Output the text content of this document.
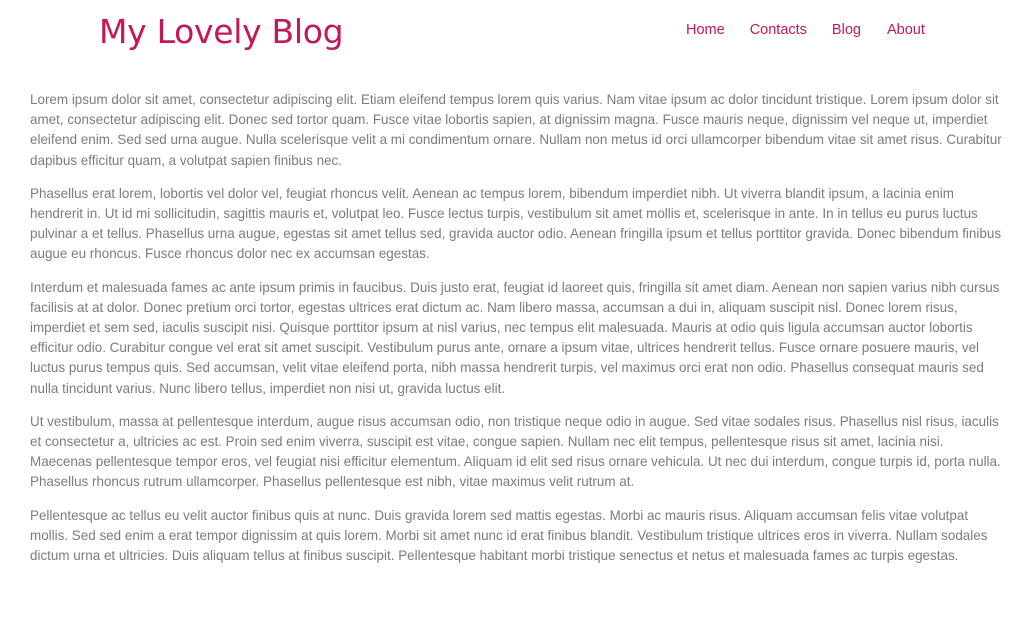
My Lovely Blog	Home Contacts Blog About

Lorem ipsum dolor sit amet, consectetur adipiscing elit. Etiam eleifend tempus lorem quis varius. Nam vitae ipsum ac dolor tincidunt tristique. Lorem ipsum dolor sit amet, consectetur adipiscing elit. Donec sed tortor quam. Fusce vitae lobortis sapien, at dignissim magna. Fusce mauris neque, dignissim vel neque ut, imperdiet eleifend enim. Sed sed urna augue. Nulla scelerisque velit a mi condimentum ornare. Nullam non metus id orci ullamcorper bibendum vitae sit amet risus. Curabitur dapibus efficitur quam, a volutpat sapien finibus nec.

Phasellus erat lorem, lobortis vel dolor vel, feugiat rhoncus velit. Aenean ac tempus lorem, bibendum imperdiet nibh. Ut viverra blandit ipsum, a lacinia enim hendrerit in. Ut id mi sollicitudin, sagittis mauris et, volutpat leo. Fusce lectus turpis, vestibulum sit amet mollis et, scelerisque in ante. In in tellus eu purus luctus pulvinar a et tellus. Phasellus urna augue, egestas sit amet tellus sed, gravida auctor odio. Aenean fringilla ipsum et tellus porttitor gravida. Donec bibendum finibus augue eu rhoncus. Fusce rhoncus dolor nec ex accumsan egestas.

Interdum et malesuada fames ac ante ipsum primis in faucibus. Duis justo erat, feugiat id laoreet quis, fringilla sit amet diam. Aenean non sapien varius nibh cursus facilisis at at dolor. Donec pretium orci tortor, egestas ultrices erat dictum ac. Nam libero massa, accumsan a dui in, aliquam suscipit nisl. Donec lorem risus, imperdiet et sem sed, iaculis suscipit nisi. Quisque porttitor ipsum at nisl varius, nec tempus elit malesuada. Mauris at odio quis ligula accumsan auctor lobortis efficitur odio. Curabitur congue vel erat sit amet suscipit. Vestibulum purus ante, ornare a ipsum vitae, ultrices hendrerit tellus. Fusce ornare posuere mauris, vel luctus purus tempus quis. Sed accumsan, velit vitae eleifend porta, nibh massa hendrerit turpis, vel maximus orci erat non odio. Phasellus consequat mauris sed nulla tincidunt varius. Nunc libero tellus, imperdiet non nisi ut, gravida luctus elit.

Ut vestibulum, massa at pellentesque interdum, augue risus accumsan odio, non tristique neque odio in augue. Sed vitae sodales risus. Phasellus nisl risus, iaculis et consectetur a, ultricies ac est. Proin sed enim viverra, suscipit est vitae, congue sapien. Nullam nec elit tempus, pellentesque risus sit amet, lacinia nisi. Maecenas pellentesque tempor eros, vel feugiat nisi efficitur elementum. Aliquam id elit sed risus ornare vehicula. Ut nec dui interdum, congue turpis id, porta nulla. Phasellus rhoncus rutrum ullamcorper. Phasellus pellentesque est nibh, vitae maximus velit rutrum at.

Pellentesque ac tellus eu velit auctor finibus quis at nunc. Duis gravida lorem sed mattis egestas. Morbi ac mauris risus. Aliquam accumsan felis vitae volutpat mollis. Sed sed enim a erat tempor dignissim at quis lorem. Morbi sit amet nunc id erat finibus blandit. Vestibulum tristique ultrices eros in viverra. Nullam sodales dictum urna et ultricies. Duis aliquam tellus at finibus suscipit. Pellentesque habitant morbi tristique senectus et netus et malesuada fames ac turpis egestas.
